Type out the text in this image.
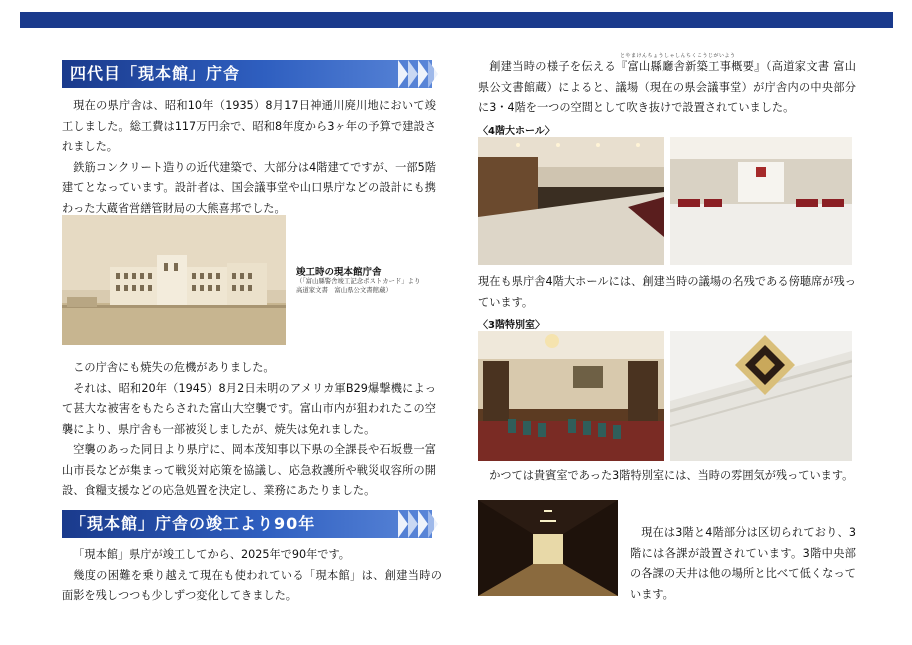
四代目「現本館」庁舎

現在の県庁舎は、昭和10年（1935）8月17日神通川廃川地において竣工しました。総工費は117万円余で、昭和8年度から3ヶ年の予算で建設されました。

鉄筋コンクリート造りの近代建築で、大部分は4階建てですが、一部5階建てとなっています。設計者は、国会議事堂や山口県庁などの設計にも携わった大蔵省営繕管財局の大熊喜邦でした。

竣工時の現本館庁舎
（「富山縣警舎竣工記念ポストカード」より
高道家文書　富山県公文書館蔵）

この庁舎にも焼失の危機がありました。

それは、昭和20年（1945）8月2日未明のアメリカ軍B29爆撃機によって甚大な被害をもたらされた富山大空襲です。富山市内が狙われたこの空襲により、県庁舎も一部被災しましたが、焼失は免れました。

空襲のあった同日より県庁に、岡本茂知事以下県の全課長や石坂豊一富山市長などが集まって戦災対応策を協議し、応急救護所や戦災収容所の開設、食糧支援などの応急処置を決定し、業務にあたりました。

「現本館」庁舎の竣工より90年

「現本館」県庁が竣工してから、2025年で90年です。

幾度の困難を乗り越えて現在も使われている「現本館」は、創建当時の面影を残しつつも少しずつ変化してきました。

とやまけんちょうしゃしんちくこうじがいよう

創建当時の様子を伝える『富山縣廳舎新築工事概要』（高道家文書 富山県公文書館蔵）によると、議場（現在の県会議事堂）が庁舎内の中央部分に3・4階を一つの空間として吹き抜けで設置されていました。

〈4階大ホール〉

現在も県庁舎4階大ホールには、創建当時の議場の名残である傍聴席が残っています。

〈3階特別室〉

かつては貴賓室であった3階特別室には、当時の雰囲気が残っています。

現在は3階と4階部分は区切られており、3階には各課が設置されています。3階中央部の各課の天井は他の場所と比べて低くなっています。
